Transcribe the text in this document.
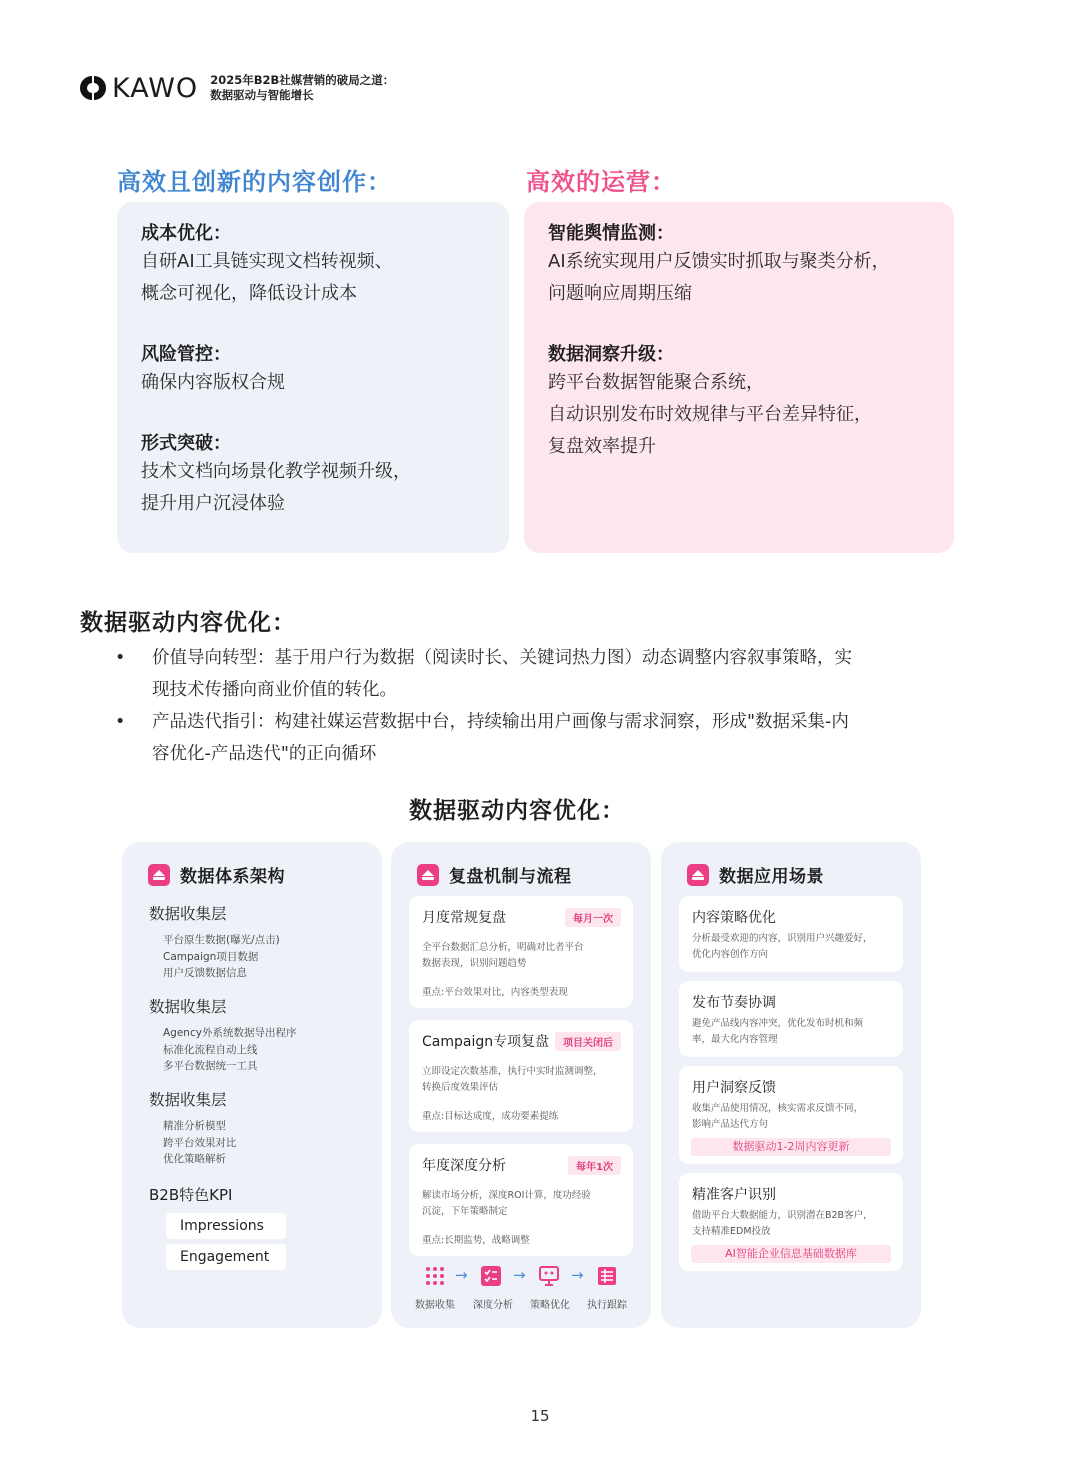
KAWO 2025年B2B社媒营销的破局之道：
数据驱动与智能增长
高效且创新的内容创作：
成本优化：
自研AI工具链实现文档转视频、
概念可视化，降低设计成本
风险管控：
确保内容版权合规
形式突破：
技术文档向场景化教学视频升级，
提升用户沉浸体验
高效的运营：
智能舆情监测：
AI系统实现用户反馈实时抓取与聚类分析，
问题响应周期压缩
数据洞察升级：
跨平台数据智能聚合系统，
自动识别发布时效规律与平台差异特征，
复盘效率提升
数据驱动内容优化：
• 价值导向转型：基于用户行为数据（阅读时长、关键词热力图）动态调整内容叙事策略，实
现技术传播向商业价值的转化。
• 产品迭代指引：构建社媒运营数据中台，持续输出用户画像与需求洞察，形成"数据采集-内
容优化-产品迭代"的正向循环
数据驱动内容优化：
数据体系架构
数据收集层
平台原生数据(曝光/点击)
Campaign项目数据
用户反馈数据信息
数据收集层
Agency外系统数据导出程序
标准化流程自动上线
多平台数据统一工具
数据收集层
精准分析模型
跨平台效果对比
优化策略解析
B2B特色KPI
Impressions
Engagement
复盘机制与流程
月度常规复盘	每月一次
全平台数据汇总分析，明确对比者平台
数据表现，识别问题趋势
重点:平台效果对比，内容类型表现
Campaign专项复盘	项目关闭后
立即设定次数基准，执行中实时监测调整，
转换后度效果评估
重点:目标达成度，成功要素提练
年度深度分析	每年1次
解读市场分析，深度ROI计算，度功经验
沉淀，下年策略制定
重点:长期监势，战略调整
→	→	→
数据收集	深度分析	策略优化	执行跟踪
数据应用场景
内容策略优化
分析最受欢迎的内容，识别用户兴趣爱好，
优化内容创作方向
发布节奏协调
避免产品线内容冲突，优化发布时机和频
率，最大化内容管理
用户洞察反馈
收集产品使用情况，核实需求反馈不同，
影响产品达代方句
数据驱动1-2周内容更新
精准客户识别
借助平台大数据能力，识别潜在B2B客户，
支持精准EDM投放
AI智能企业信息基础数据库
15
